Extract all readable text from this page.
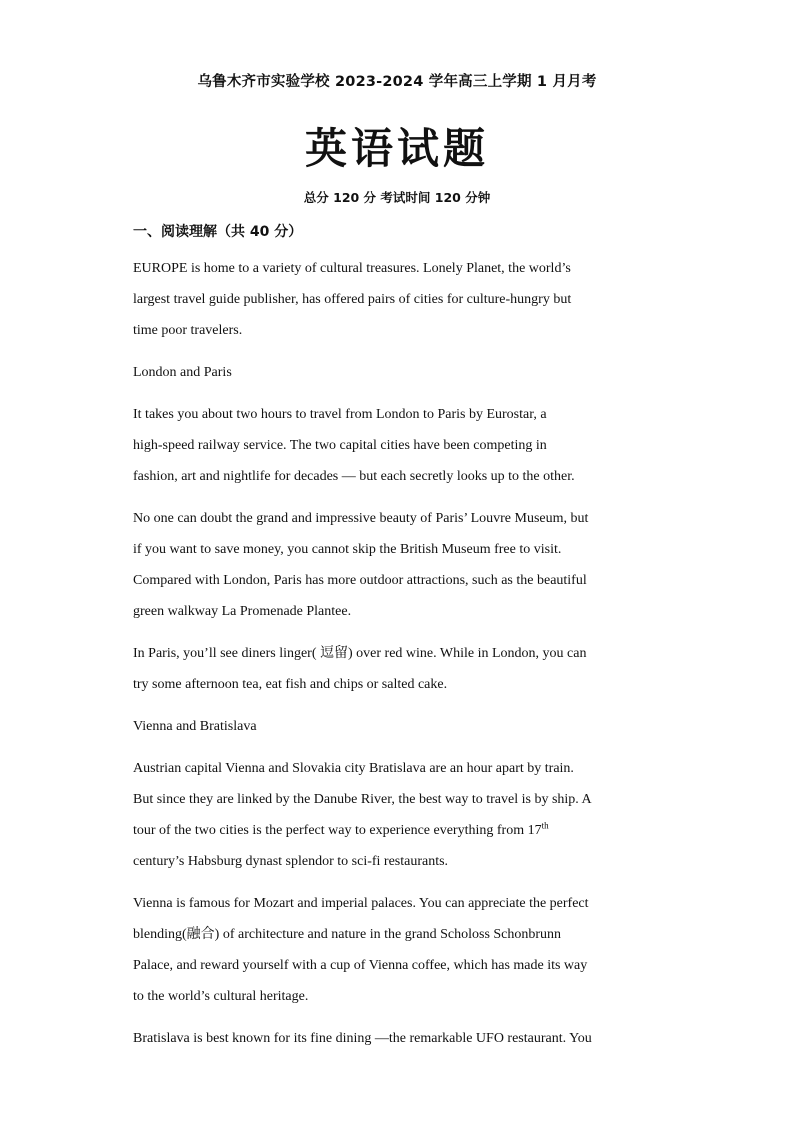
乌鲁木齐市实验学校 2023-2024 学年高三上学期 1 月月考
英语试题
总分 120 分 考试时间 120 分钟
一、阅读理解（共 40 分）
EUROPE is home to a variety of cultural treasures. Lonely Planet, the world’s
largest travel guide publisher, has offered pairs of cities for culture-hungry but
time poor travelers.
London and Paris
It takes you about two hours to travel from London to Paris by Eurostar, a
high-speed railway service. The two capital cities have been competing in
fashion, art and nightlife for decades — but each secretly looks up to the other.
No one can doubt the grand and impressive beauty of Paris’ Louvre Museum, but
if you want to save money, you cannot skip the British Museum free to visit.
Compared with London, Paris has more outdoor attractions, such as the beautiful
green walkway La Promenade Plantee.
In Paris, you’ll see diners linger( 逗留) over red wine. While in London, you can
try some afternoon tea, eat fish and chips or salted cake.
Vienna and Bratislava
Austrian capital Vienna and Slovakia city Bratislava are an hour apart by train.
But since they are linked by the Danube River, the best way to travel is by ship. A
tour of the two cities is the perfect way to experience everything from 17th
century’s Habsburg dynast splendor to sci-fi restaurants.
Vienna is famous for Mozart and imperial palaces. You can appreciate the perfect
blending(融合) of architecture and nature in the grand Scholoss Schonbrunn
Palace, and reward yourself with a cup of Vienna coffee, which has made its way
to the world’s cultural heritage.
Bratislava is best known for its fine dining —the remarkable UFO restaurant. You
